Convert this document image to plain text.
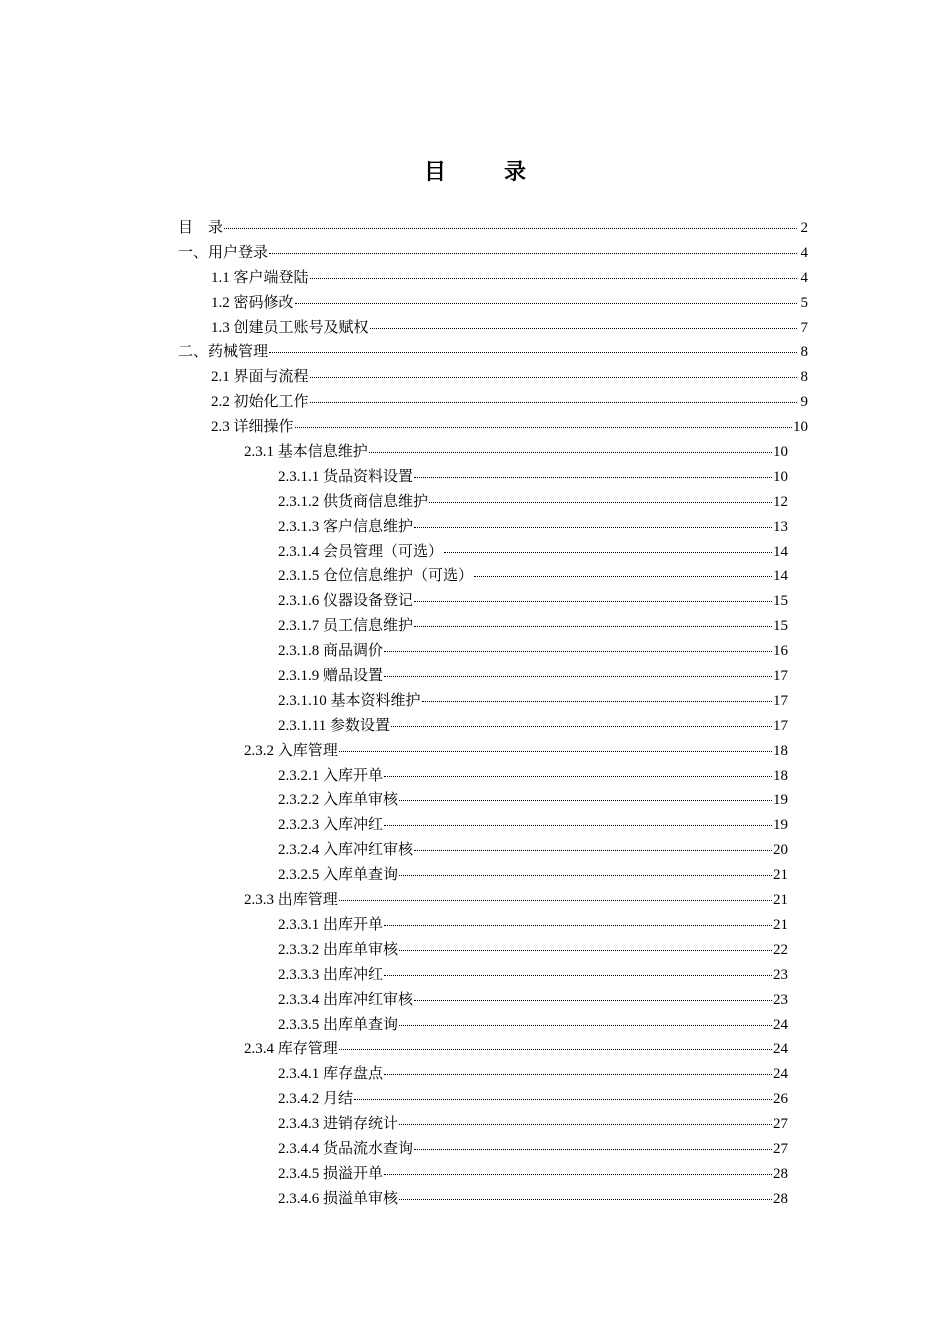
目　录
目　录	2
一、用户登录	4
1.1 客户端登陆	4
1.2 密码修改	5
1.3 创建员工账号及赋权	7
二、药械管理	8
2.1 界面与流程	8
2.2 初始化工作	9
2.3 详细操作	10
2.3.1 基本信息维护	10
2.3.1.1 货品资料设置	10
2.3.1.2 供货商信息维护	12
2.3.1.3 客户信息维护	13
2.3.1.4 会员管理（可选）	14
2.3.1.5 仓位信息维护（可选）	14
2.3.1.6 仪器设备登记	15
2.3.1.7 员工信息维护	15
2.3.1.8 商品调价	16
2.3.1.9 赠品设置	17
2.3.1.10 基本资料维护	17
2.3.1.11 参数设置	17
2.3.2 入库管理	18
2.3.2.1 入库开单	18
2.3.2.2 入库单审核	19
2.3.2.3 入库冲红	19
2.3.2.4 入库冲红审核	20
2.3.2.5 入库单查询	21
2.3.3 出库管理	21
2.3.3.1 出库开单	21
2.3.3.2 出库单审核	22
2.3.3.3 出库冲红	23
2.3.3.4 出库冲红审核	23
2.3.3.5 出库单查询	24
2.3.4 库存管理	24
2.3.4.1 库存盘点	24
2.3.4.2 月结	26
2.3.4.3 进销存统计	27
2.3.4.4 货品流水查询	27
2.3.4.5 损溢开单	28
2.3.4.6 损溢单审核	28
